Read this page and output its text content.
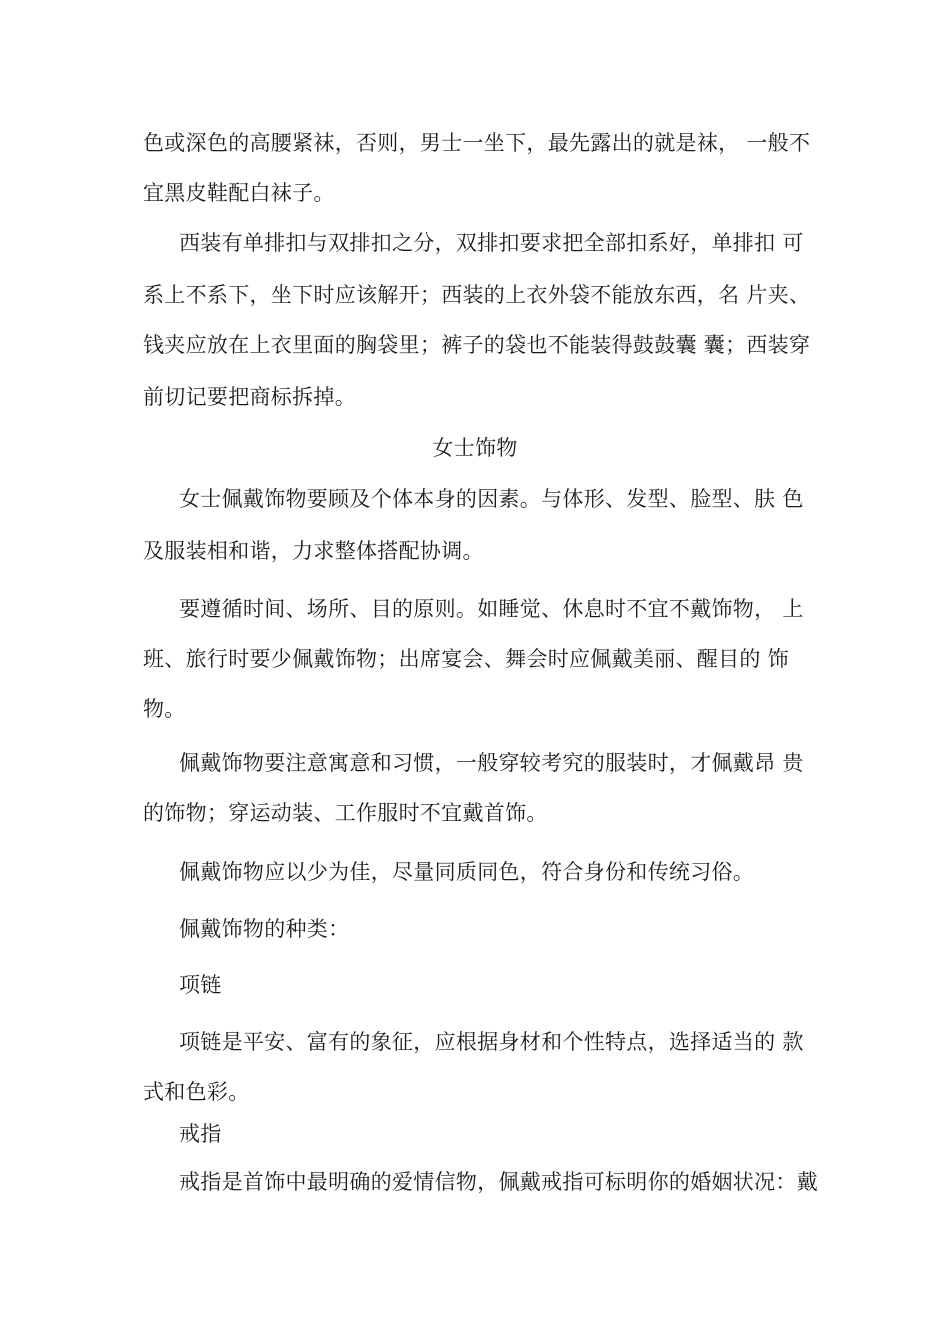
色或深色的高腰紧袜，否则，男士一坐下，最先露出的就是袜， 一般不
宜黑皮鞋配白袜子。
西装有单排扣与双排扣之分，双排扣要求把全部扣系好，单排扣 可
系上不系下，坐下时应该解开；西装的上衣外袋不能放东西，名 片夹、
钱夹应放在上衣里面的胸袋里；裤子的袋也不能装得鼓鼓囊 囊；西装穿
前切记要把商标拆掉。
女士饰物
女士佩戴饰物要顾及个体本身的因素。与体形、发型、脸型、肤 色
及服装相和谐，力求整体搭配协调。
要遵循时间、场所、目的原则。如睡觉、休息时不宜不戴饰物， 上
班、旅行时要少佩戴饰物；出席宴会、舞会时应佩戴美丽、醒目的 饰
物。
佩戴饰物要注意寓意和习惯，一般穿较考究的服装时，才佩戴昂 贵
的饰物；穿运动装、工作服时不宜戴首饰。
佩戴饰物应以少为佳，尽量同质同色，符合身份和传统习俗。
佩戴饰物的种类：
项链
项链是平安、富有的象征，应根据身材和个性特点，选择适当的 款
式和色彩。
戒指
戒指是首饰中最明确的爱情信物，佩戴戒指可标明你的婚姻状况：戴
